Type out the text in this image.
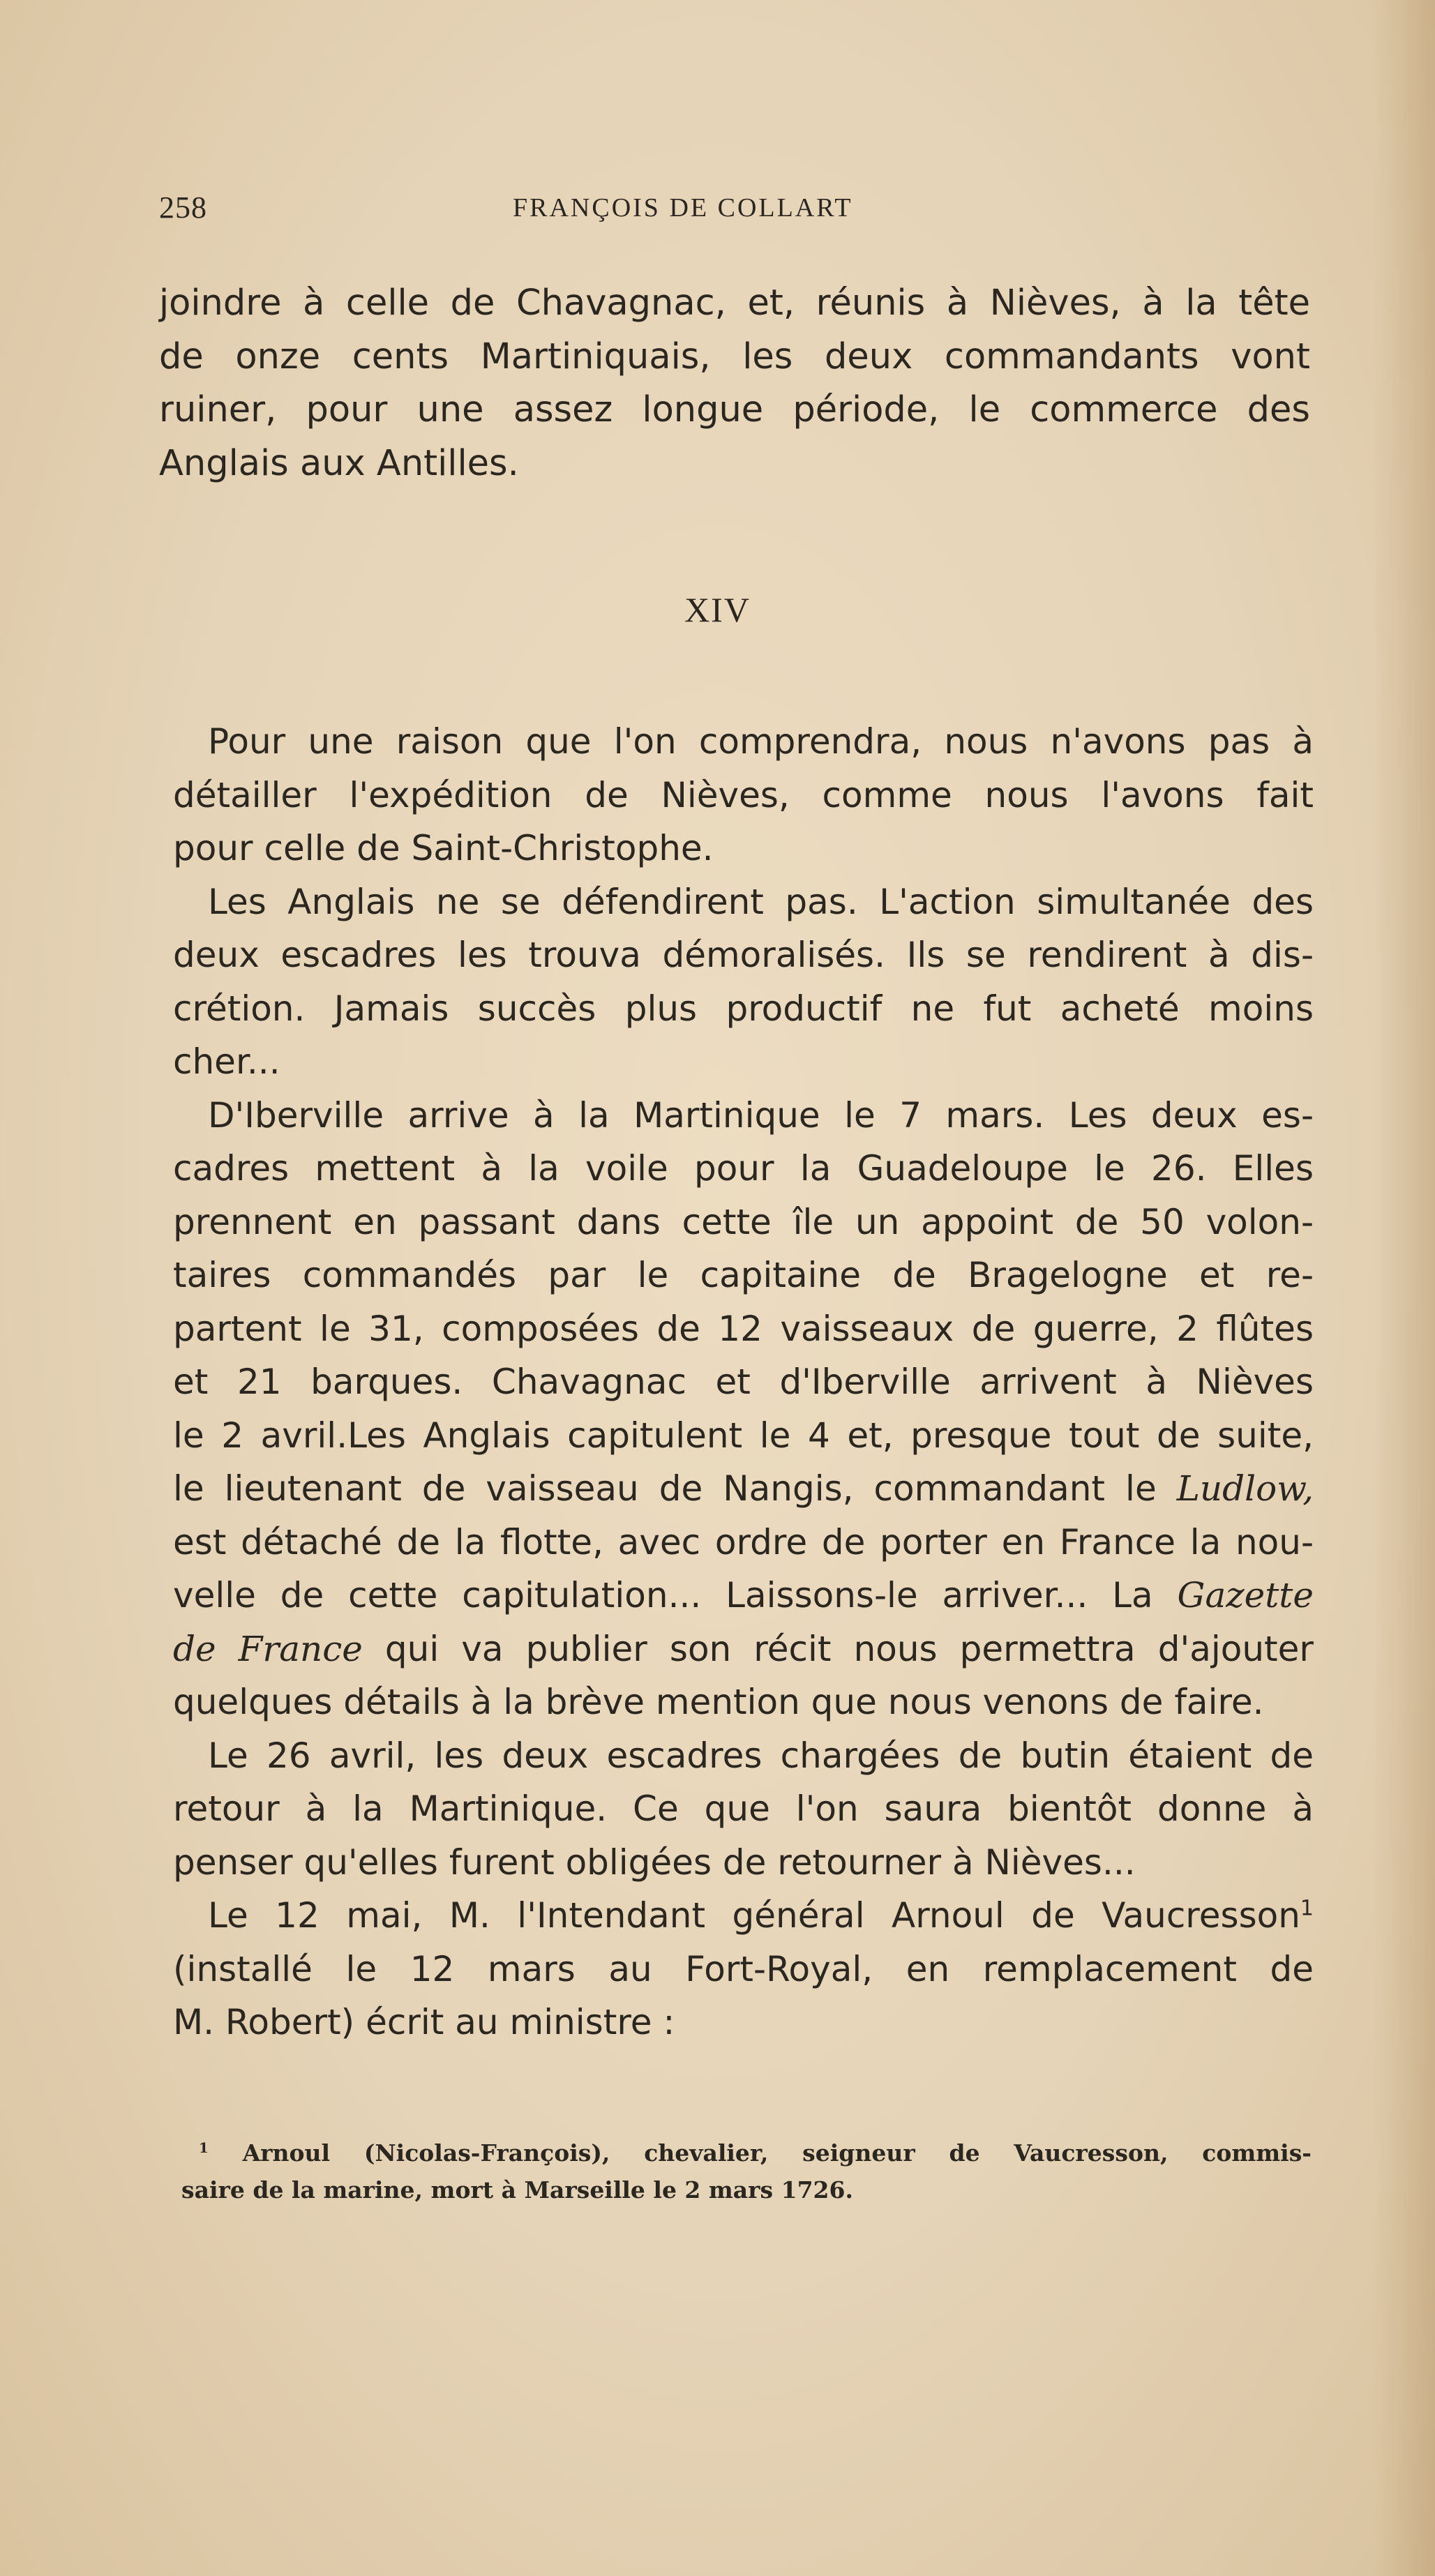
258	FRANÇOIS DE COLLART
joindre à celle de Chavagnac, et, réunis à Nièves, à la tête
de onze cents Martiniquais, les deux commandants vont
ruiner, pour une assez longue période, le commerce des
Anglais aux Antilles.
XIV
Pour une raison que l'on comprendra, nous n'avons pas à
détailler l'expédition de Nièves, comme nous l'avons fait
pour celle de Saint-Christophe.
Les Anglais ne se défendirent pas. L'action simultanée des
deux escadres les trouva démoralisés. Ils se rendirent à dis-
crétion. Jamais succès plus productif ne fut acheté moins
cher...
D'Iberville arrive à la Martinique le 7 mars. Les deux es-
cadres mettent à la voile pour la Guadeloupe le 26. Elles
prennent en passant dans cette île un appoint de 50 volon-
taires commandés par le capitaine de Bragelogne et re-
partent le 31, composées de 12 vaisseaux de guerre, 2 flûtes
et 21 barques. Chavagnac et d'Iberville arrivent à Nièves
le 2 avril.Les Anglais capitulent le 4 et, presque tout de suite,
le lieutenant de vaisseau de Nangis, commandant le Ludlow,
est détaché de la flotte, avec ordre de porter en France la nou-
velle de cette capitulation... Laissons-le arriver... La Gazette
de France qui va publier son récit nous permettra d'ajouter
quelques détails à la brève mention que nous venons de faire.
Le 26 avril, les deux escadres chargées de butin étaient de
retour à la Martinique. Ce que l'on saura bientôt donne à
penser qu'elles furent obligées de retourner à Nièves...
Le 12 mai, M. l'Intendant général Arnoul de Vaucresson$^1$
(installé le 12 mars au Fort-Royal, en remplacement de
M. Robert) écrit au ministre :
$^1$ Arnoul (Nicolas-François), chevalier, seigneur de Vaucresson, commis-
saire de la marine, mort à Marseille le 2 mars 1726.
